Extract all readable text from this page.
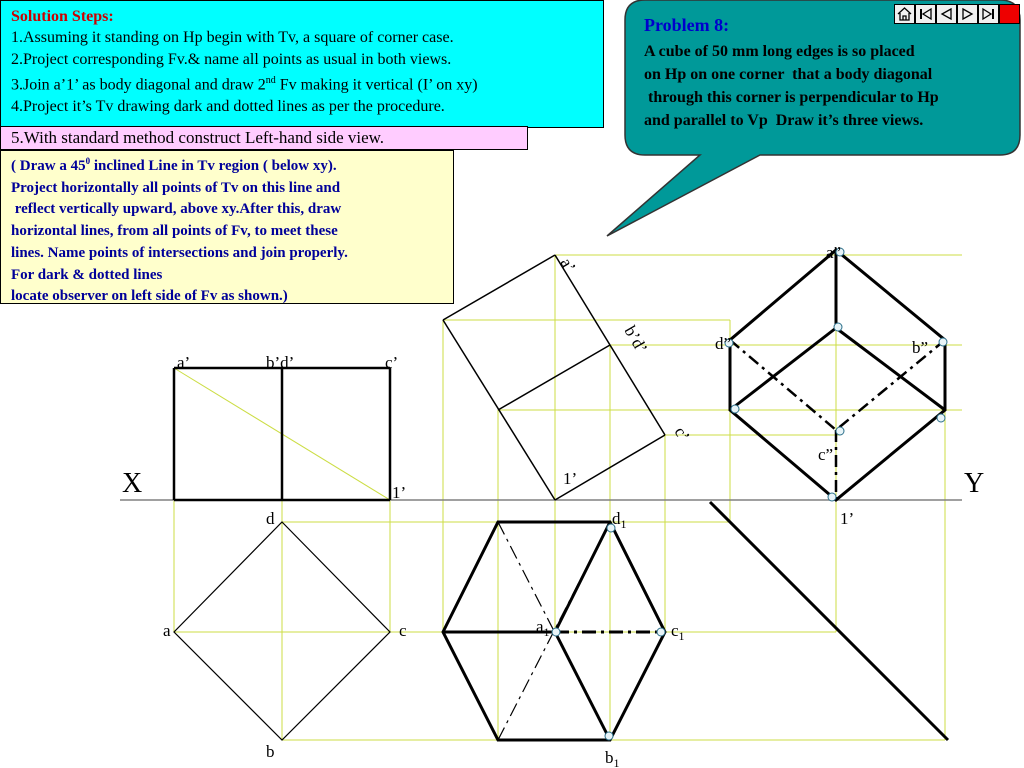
X	Y
a’	b’d’	c’
1’
d
a	c
b
a’
b’d’
c’
1’
$d_1$
$a_1$	$c_1$
$b_1$
a”
d”	b”
c”
1’
Solution Steps:
1.Assuming it standing on Hp begin with Tv, a square of corner case.
2.Project corresponding Fv.& name all points as usual in both views.
3.Join a’1’ as body diagonal and draw 2nd Fv making it vertical (I’ on xy)
4.Project it’s Tv drawing dark and dotted lines as per the procedure.
5.With standard method construct Left-hand side view.
( Draw a $45^0$ inclined Line in Tv region ( below xy).
Project horizontally all points of Tv on this line and
reflect vertically upward, above xy.After this, draw
horizontal lines, from all points of Fv, to meet these
lines. Name points of intersections and join properly.
For dark & dotted lines
locate observer on left side of Fv as shown.)
Problem 8:
A cube of 50 mm long edges is so placed
on Hp on one corner  that a body diagonal
through this corner is perpendicular to Hp
and parallel to Vp  Draw it’s three views.
